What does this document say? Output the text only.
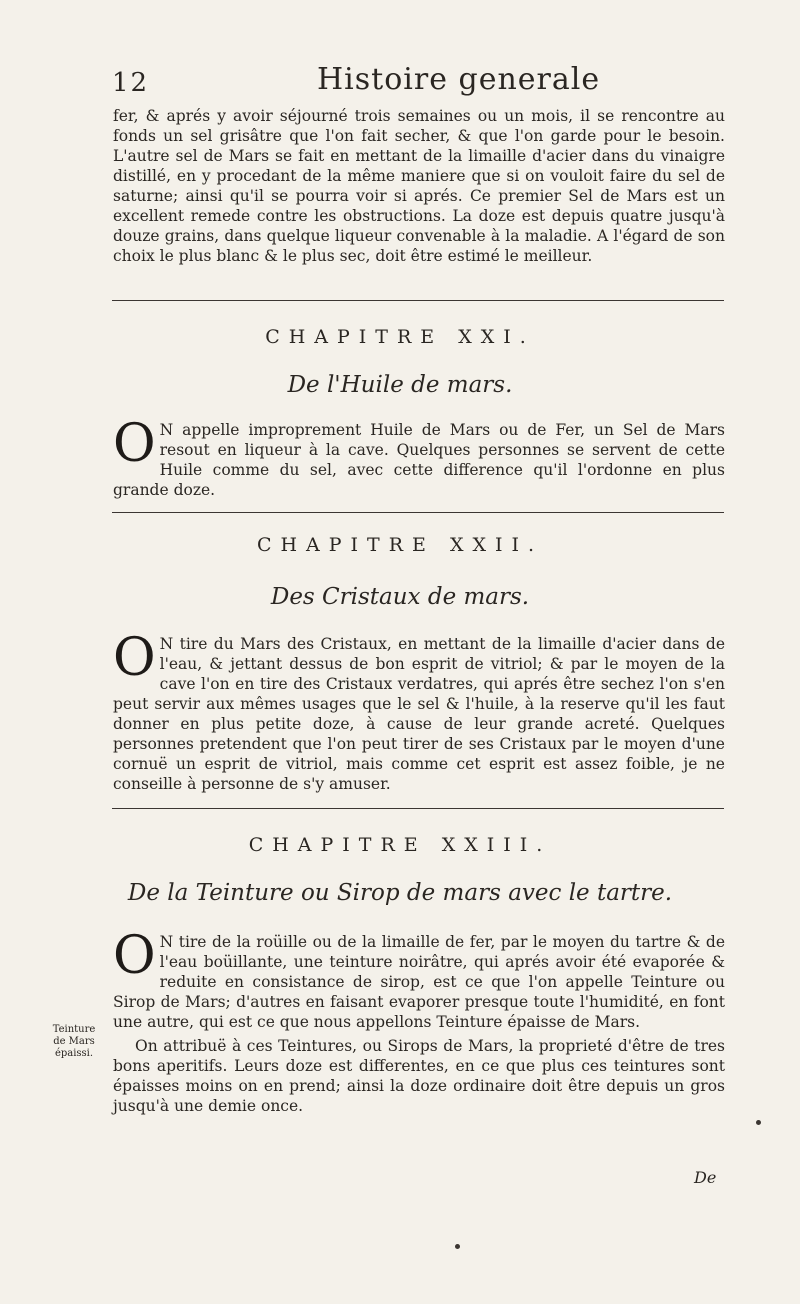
12	Histoire generale
fer, & aprés y avoir séjourné trois semaines ou un mois, il se rencontre au fonds un sel grisâtre que l'on fait secher, & que l'on garde pour le besoin. L'autre sel de Mars se fait en mettant de la limaille d'acier dans du vinaigre distillé, en y procedant de la même maniere que si on vouloit faire du sel de saturne; ainsi qu'il se pourra voir si aprés. Ce premier Sel de Mars est un excellent remede contre les obstructions. La doze est depuis quatre jusqu'à douze grains, dans quelque liqueur convenable à la maladie. A l'égard de son choix le plus blanc & le plus sec, doit être estimé le meilleur.
CHAPITRE XXI.
De l'Huile de mars.
O N appelle improprement Huile de Mars ou de Fer, un Sel de Mars resout en liqueur à la cave. Quelques personnes se servent de cette Huile comme du sel, avec cette difference qu'il l'ordonne en plus grande doze.
CHAPITRE XXII.
Des Cristaux de mars.
O N tire du Mars des Cristaux, en mettant de la limaille d'acier dans de l'eau, & jettant dessus de bon esprit de vitriol; & par le moyen de la cave l'on en tire des Cristaux verdatres, qui aprés être sechez l'on s'en peut servir aux mêmes usages que le sel & l'huile, à la reserve qu'il les faut donner en plus petite doze, à cause de leur grande acreté. Quelques personnes pretendent que l'on peut tirer de ses Cristaux par le moyen d'une cornuë un esprit de vitriol, mais comme cet esprit est assez foible, je ne conseille à personne de s'y amuser.
CHAPITRE XXIII.
De la Teinture ou Sirop de mars avec le tartre.
O N tire de la roüille ou de la limaille de fer, par le moyen du tartre & de l'eau boüillante, une teinture noirâtre, qui aprés avoir été evaporée & reduite en consistance de sirop, est ce que l'on appelle Teinture ou Sirop de Mars; d'autres en faisant evaporer presque toute l'humidité, en font une autre, qui est ce que nous appellons Teinture épaisse de Mars.

On attribuë à ces Teintures, ou Sirops de Mars, la proprieté d'être de tres bons aperitifs. Leurs doze est differentes, en ce que plus ces teintures sont épaisses moins on en prend; ainsi la doze ordinaire doit être depuis un gros jusqu'à une demie once.

Teinture de Mars épaissi.
De
